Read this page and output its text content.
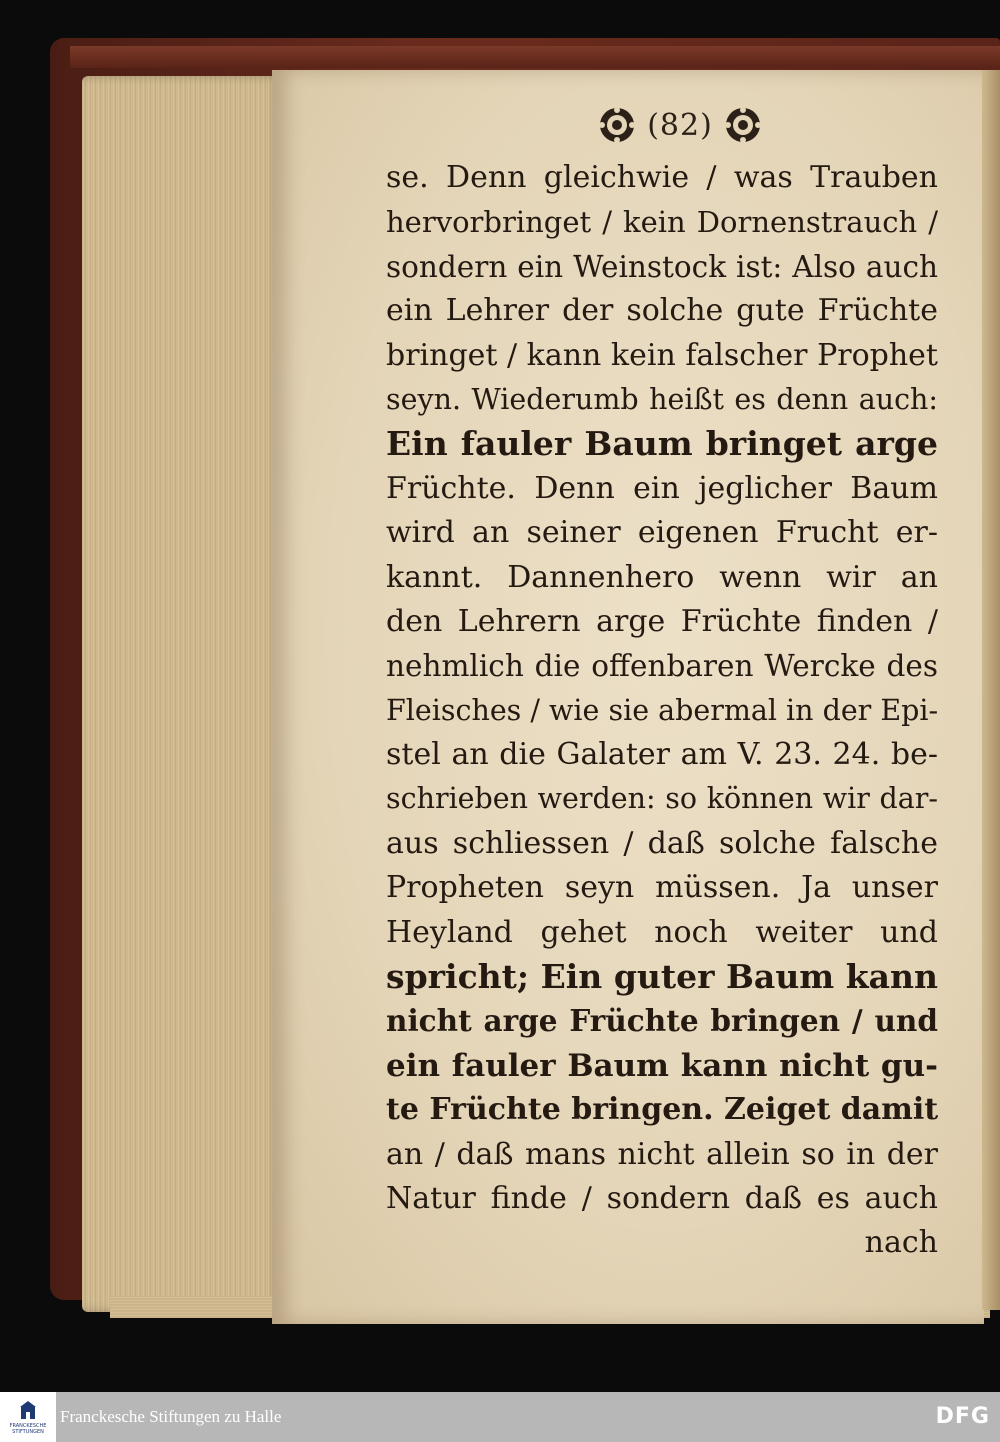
(82)
se. Denn gleichwie / was Trauben
hervorbringet / kein Dornenstrauch /
sondern ein Weinstock ist: Also auch
ein Lehrer der solche gute Früchte
bringet / kann kein falscher Prophet
seyn. Wiederumb heißt es denn auch:
Ein fauler Baum bringet arge
Früchte. Denn ein jeglicher Baum
wird an seiner eigenen Frucht er-
kannt. Dannenhero wenn wir an
den Lehrern arge Früchte finden /
nehmlich die offenbaren Wercke des
Fleisches / wie sie abermal in der Epi-
stel an die Galater am V. 23. 24. be-
schrieben werden: so können wir dar-
aus schliessen / daß solche falsche
Propheten seyn müssen. Ja unser
Heyland gehet noch weiter und
spricht; Ein guter Baum kann
nicht arge Früchte bringen / und
ein fauler Baum kann nicht gu-
te Früchte bringen. Zeiget damit
an / daß mans nicht allein so in der
Natur finde / sondern daß es auch
nach
FRANCKESCHE STIFTUNGEN
Franckesche Stiftungen zu Halle	DFG
